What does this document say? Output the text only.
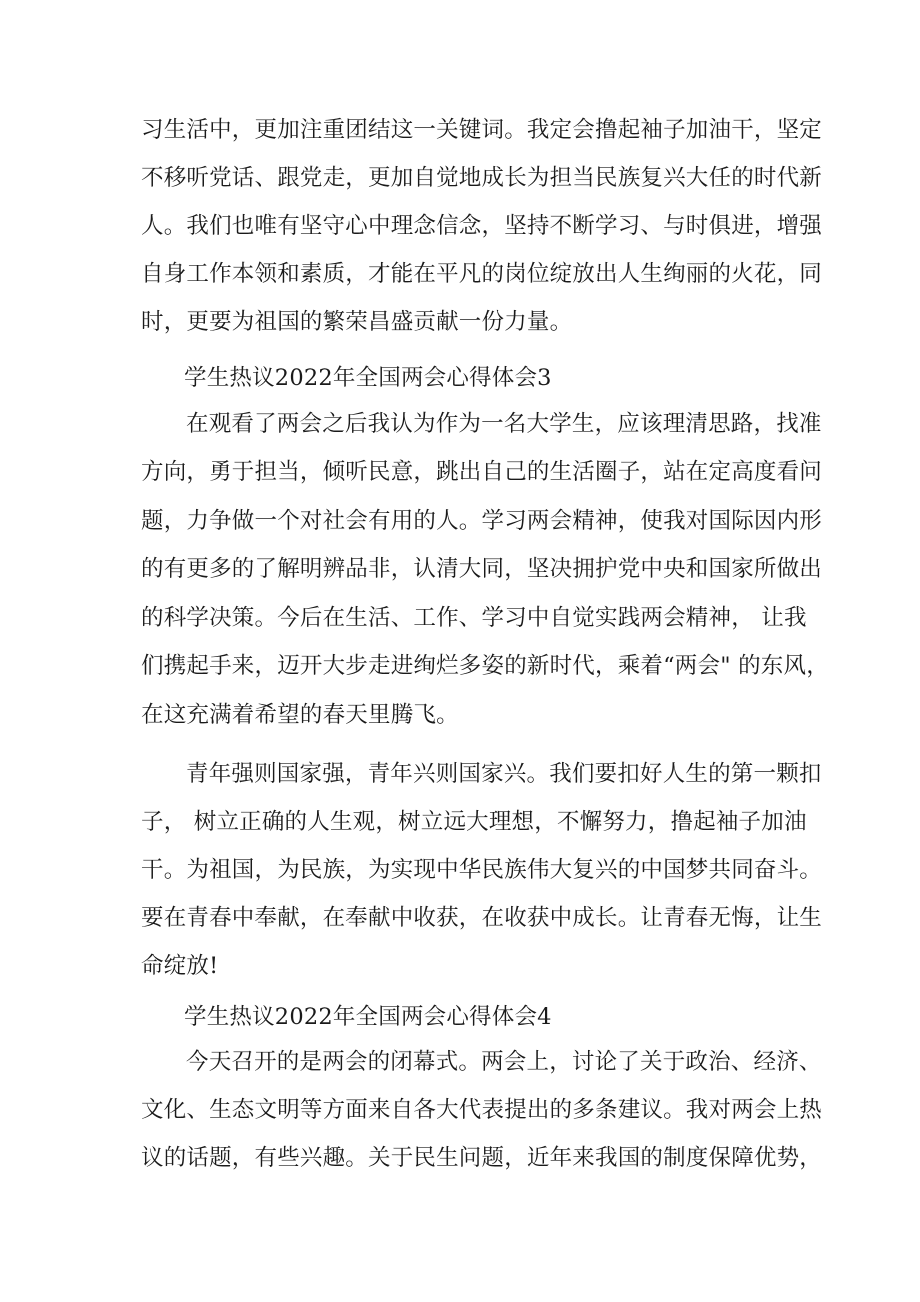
习生活中，更加注重团结这一关键词。我定会撸起袖子加油干，坚定
不移听党话、跟党走，更加自觉地成长为担当民族复兴大任的时代新
人。我们也唯有坚守心中理念信念，坚持不断学习、与时俱进，增强
自身工作本领和素质，才能在平凡的岗位绽放出人生绚丽的火花，同
时，更要为祖国的繁荣昌盛贡献一份力量。
学生热议2022年全国两会心得体会3
在观看了两会之后我认为作为一名大学生，应该理清思路，找准
方向，勇于担当，倾听民意，跳出自己的生活圈子，站在定高度看问
题，力争做一个对社会有用的人。学习两会精神，使我对国际因内形
的有更多的了解明辨品非，认清大同，坚决拥护党中央和国家所做出
的科学决策。今后在生活、工作、学习中自觉实践两会精神， 让我
们携起手来，迈开大步走进绚烂多姿的新时代，乘着“两会" 的东风，
在这充满着希望的春天里腾飞。
青年强则国家强，青年兴则国家兴。我们要扣好人生的第一颗扣
子， 树立正确的人生观，树立远大理想，不懈努力，撸起袖子加油
干。为祖国，为民族，为实现中华民族伟大复兴的中国梦共同奋斗。
要在青春中奉献，在奉献中收获，在收获中成长。让青春无悔，让生
命绽放!
学生热议2022年全国两会心得体会4
今天召开的是两会的闭幕式。两会上，讨论了关于政治、经济、
文化、生态文明等方面来自各大代表提出的多条建议。我对两会上热
议的话题，有些兴趣。关于民生问题，近年来我国的制度保障优势，
